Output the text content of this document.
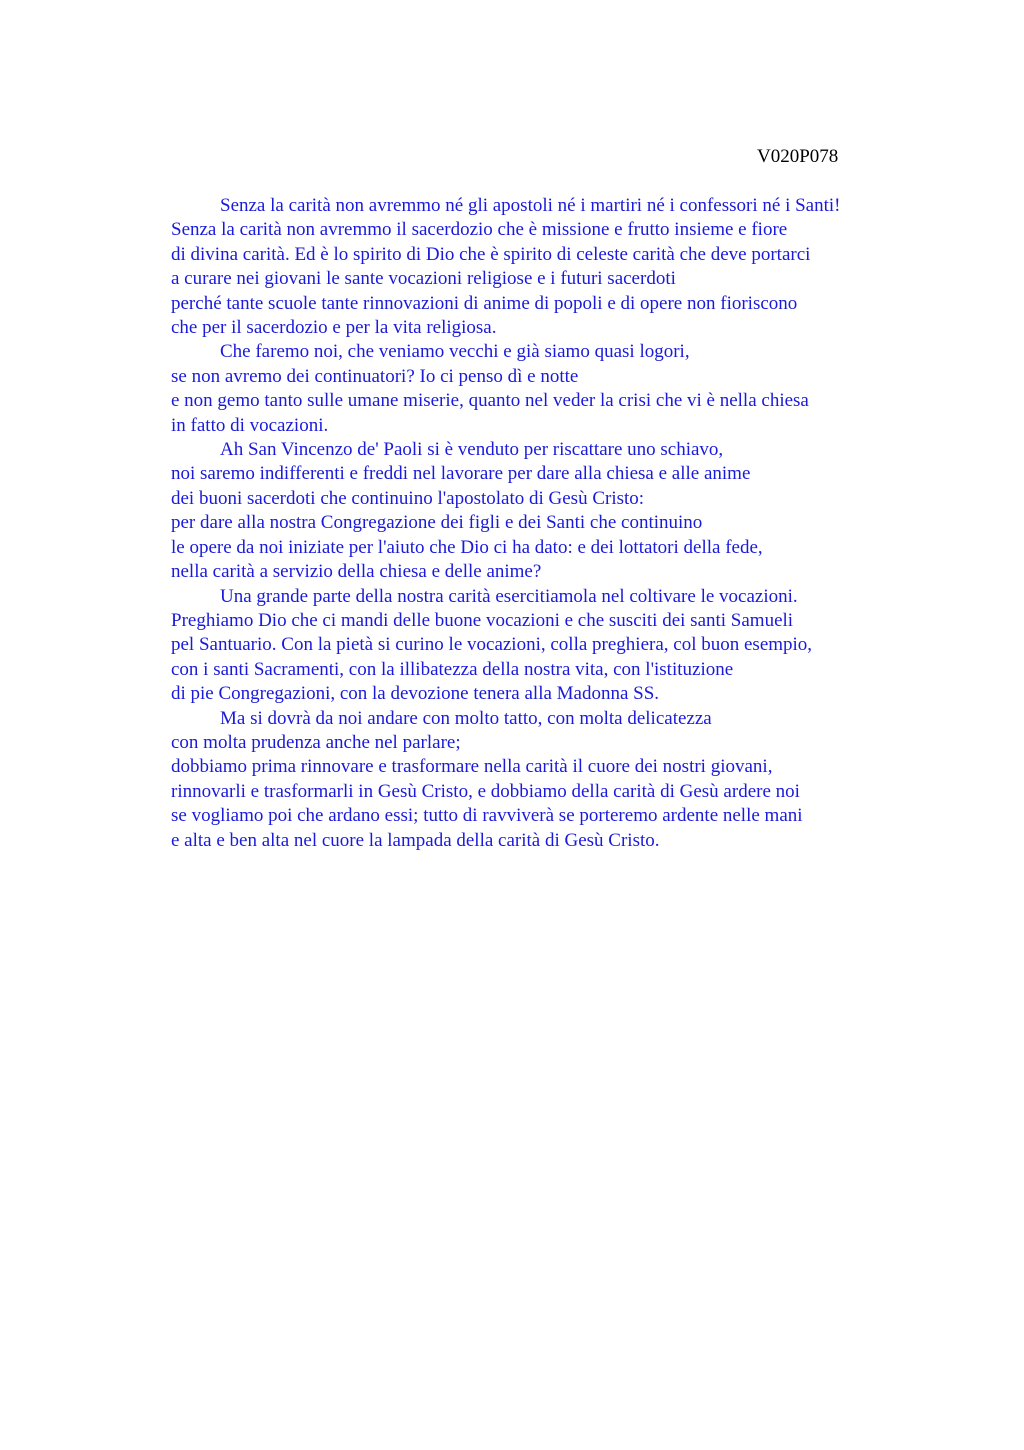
V020P078
Senza la carità non avremmo né gli apostoli né i martiri né i confessori né i Santi!
Senza la carità non avremmo il sacerdozio che è missione e frutto insieme e fiore
di divina carità. Ed è lo spirito di Dio che è spirito di celeste carità che deve portarci
a curare nei giovani le sante vocazioni religiose e i futuri sacerdoti
perché tante scuole tante rinnovazioni di anime di popoli e di opere non fioriscono
che per il sacerdozio e per la vita religiosa.
Che faremo noi, che veniamo vecchi e già siamo quasi logori,
se non avremo dei continuatori? Io ci penso dì e notte
e non gemo tanto sulle umane miserie, quanto nel veder la crisi che vi è nella chiesa
in fatto di vocazioni.
Ah San Vincenzo de' Paoli si è venduto per riscattare uno schiavo,
noi saremo indifferenti e freddi nel lavorare per dare alla chiesa e alle anime
dei buoni sacerdoti che continuino l'apostolato di Gesù Cristo:
per dare alla nostra Congregazione dei figli e dei Santi che continuino
le opere da noi iniziate per l'aiuto che Dio ci ha dato: e dei lottatori della fede,
nella carità a servizio della chiesa e delle anime?
Una grande parte della nostra carità esercitiamola nel coltivare le vocazioni.
Preghiamo Dio che ci mandi delle buone vocazioni e che susciti dei santi Samueli
pel Santuario. Con la pietà si curino le vocazioni, colla preghiera, col buon esempio,
con i santi Sacramenti, con la illibatezza della nostra vita, con l'istituzione
di pie Congregazioni, con la devozione tenera alla Madonna SS.
Ma si dovrà da noi andare con molto tatto, con molta delicatezza
con molta prudenza anche nel parlare;
dobbiamo prima rinnovare e trasformare nella carità il cuore dei nostri giovani,
rinnovarli e trasformarli in Gesù Cristo, e dobbiamo della carità di Gesù ardere noi
se vogliamo poi che ardano essi; tutto di ravviverà se porteremo ardente nelle mani
e alta e ben alta nel cuore la lampada della carità di Gesù Cristo.
